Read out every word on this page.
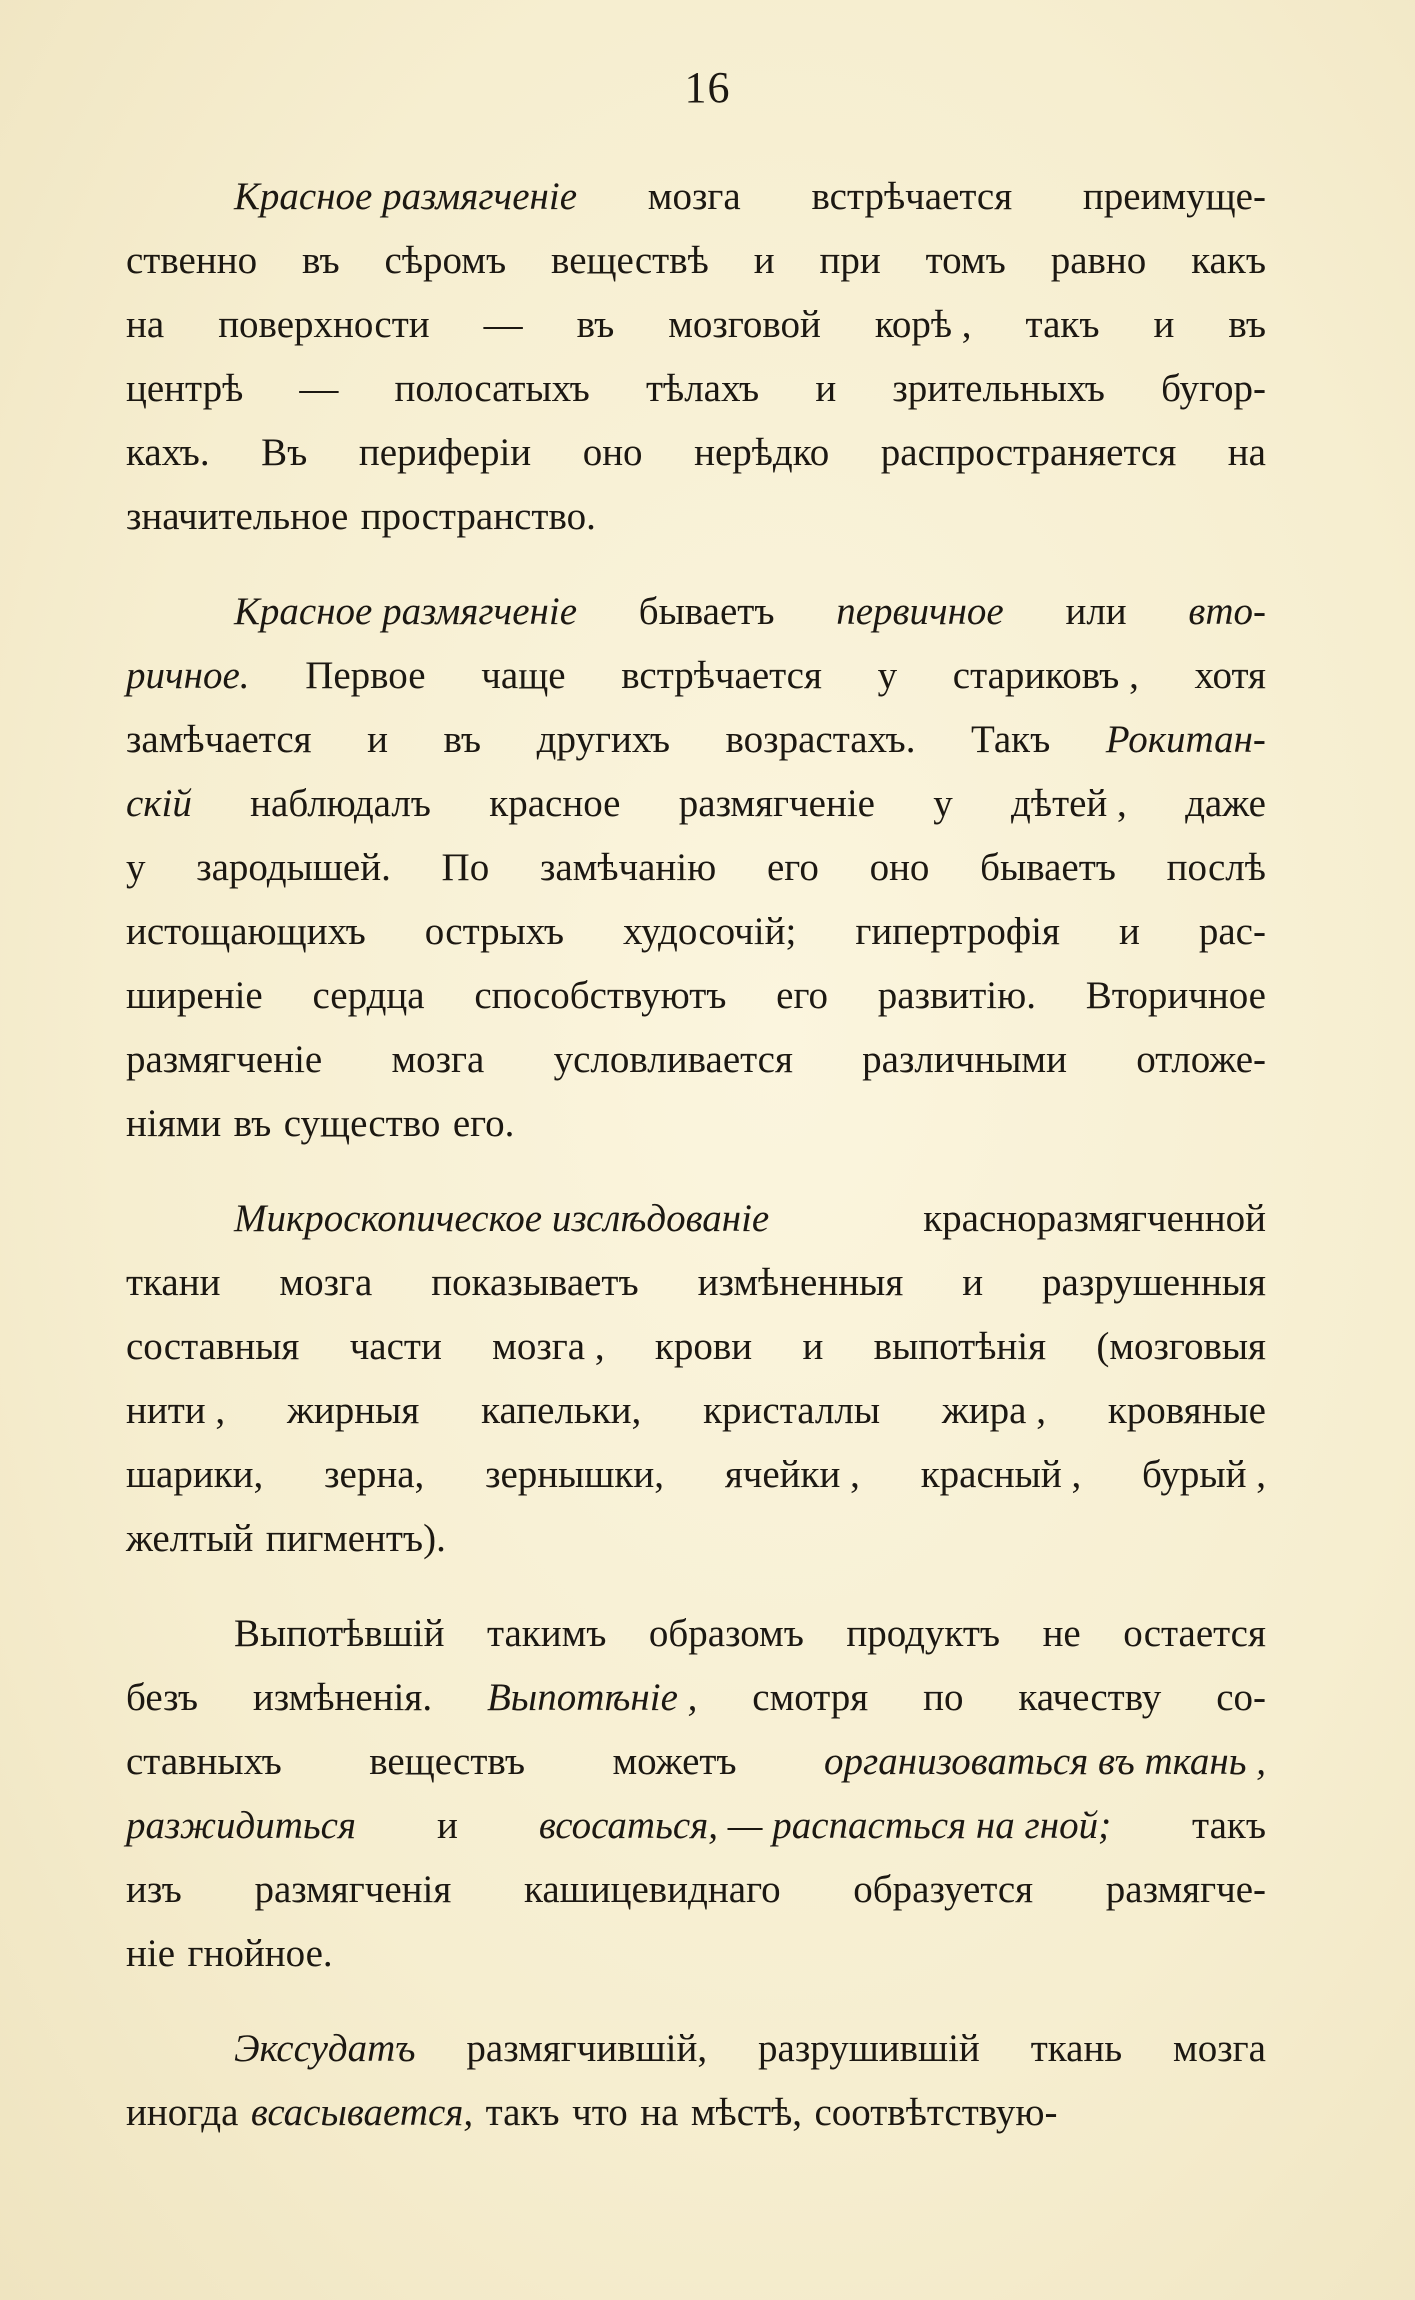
16
Красное размягченіе мозга встрѣчается преимуще-
ственно въ сѣромъ веществѣ и при томъ равно какъ
на поверхности — въ мозговой корѣ , такъ и въ
центрѣ — полосатыхъ тѣлахъ и зрительныхъ бугор-
кахъ. Въ периферіи оно нерѣдко распространяется на
значительное пространство.
Красное размягченіе бываетъ первичное или вто-
ричное. Первое чаще встрѣчается у стариковъ , хотя
замѣчается и въ другихъ возрастахъ. Такъ Рокитан-
скій наблюдалъ красное размягченіе у дѣтей , даже
у зародышей. По замѣчанію его оно бываетъ послѣ
истощающихъ острыхъ худосочій; гипертрофія и рас-
ширеніе сердца способствуютъ его развитію. Вторичное
размягченіе мозга условливается различными отложе-
ніями въ существо его.
Микроскопическое изслѣдованіе	красноразмягченной
ткани мозга показываетъ измѣненныя и разрушенныя
составныя части мозга , крови и выпотѣнія (мозговыя
нити , жирныя капельки, кристаллы жира , кровяные
шарики, зерна, зернышки, ячейки , красный , бурый ,
желтый пигментъ).
Выпотѣвшій такимъ образомъ продуктъ не остается
безъ измѣненія. Выпотѣніе , смотря по качеству со-
ставныхъ веществъ можетъ организоваться въ ткань ,
разжидиться и всосаться, — распасться на гной; такъ
изъ размягченія кашицевиднаго образуется размягче-
ніе гнойное.
Экссудатъ размягчившій, разрушившій ткань мозга
иногда всасывается, такъ что на мѣстѣ, соотвѣтствую-
